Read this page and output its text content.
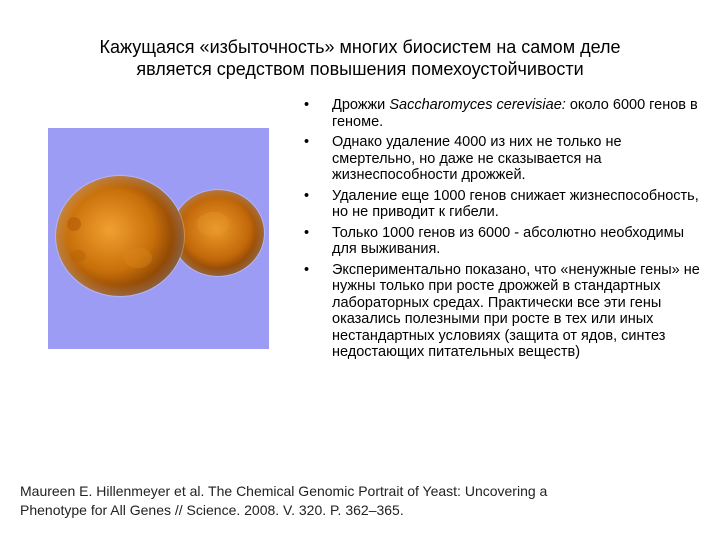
Кажущаяся «избыточность» многих биосистем на самом деле
является средством повышения помехоустойчивости
•	Дрожжи Saccharomyces cerevisiae: около 6000 генов в геноме.
•	Однако удаление 4000 из них не только не смертельно, но даже не сказывается на жизнеспособности дрожжей.
•	Удаление еще 1000 генов снижает жизнеспособность, но не приводит к гибели.
•	Только 1000 генов из 6000 - абсолютно необходимы для выживания.
•	Экспериментально показано, что «ненужные гены» не нужны только при росте дрожжей в стандартных лабораторных средах. Практически все эти гены оказались полезными при росте в тех или иных нестандартных условиях (защита от ядов, синтез недостающих питательных веществ)
Maureen E. Hillenmeyer et al. The Chemical Genomic Portrait of Yeast: Uncovering a
Phenotype for All Genes // Science. 2008. V. 320. P. 362–365.
